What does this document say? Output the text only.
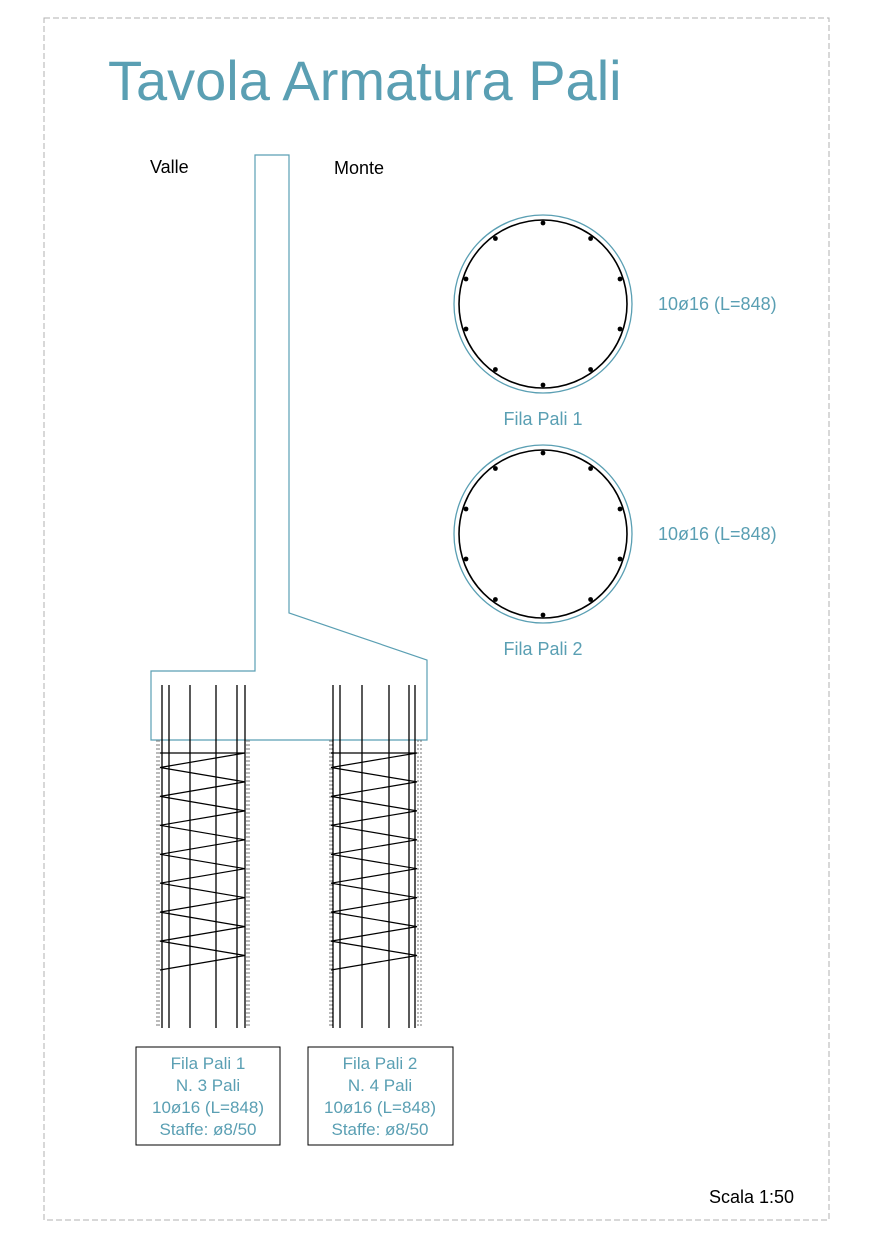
Tavola Armatura Pali
Valle	Monte
10ø16 (L=848)
Fila Pali 1
10ø16 (L=848)
Fila Pali 2
Fila Pali 1
N. 3 Pali
10ø16 (L=848)
Staffe: ø8/50
Fila Pali 2
N. 4 Pali
10ø16 (L=848)
Staffe: ø8/50
Scala 1:50
